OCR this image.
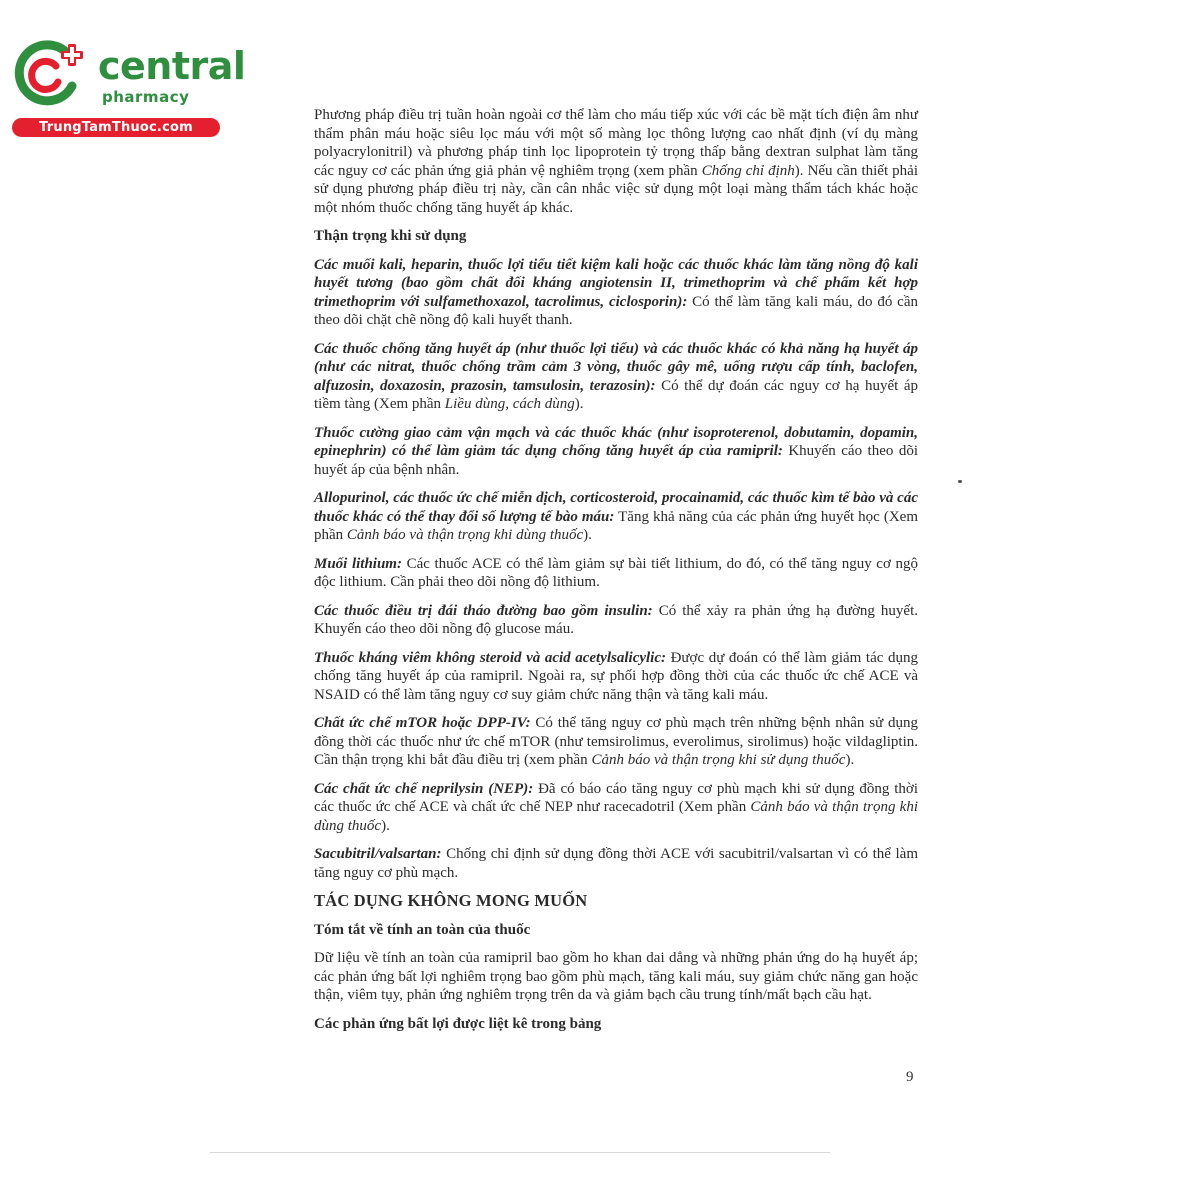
central
pharmacy
TrungTamThuoc.com

Phương pháp điều trị tuần hoàn ngoài cơ thể làm cho máu tiếp xúc với các bề mặt tích điện âm như thẩm phân máu hoặc siêu lọc máu với một số màng lọc thông lượng cao nhất định (ví dụ màng polyacrylonitril) và phương pháp tinh lọc lipoprotein tỷ trọng thấp bằng dextran sulphat làm tăng các nguy cơ các phản ứng giả phản vệ nghiêm trọng (xem phần Chống chỉ định). Nếu cần thiết phải sử dụng phương pháp điều trị này, cần cân nhắc việc sử dụng một loại màng thẩm tách khác hoặc một nhóm thuốc chống tăng huyết áp khác.

Thận trọng khi sử dụng

Các muối kali, heparin, thuốc lợi tiểu tiết kiệm kali hoặc các thuốc khác làm tăng nồng độ kali huyết tương (bao gồm chất đối kháng angiotensin II, trimethoprim và chế phẩm kết hợp trimethoprim với sulfamethoxazol, tacrolimus, ciclosporin): Có thể làm tăng kali máu, do đó cần theo dõi chặt chẽ nồng độ kali huyết thanh.

Các thuốc chống tăng huyết áp (như thuốc lợi tiểu) và các thuốc khác có khả năng hạ huyết áp (như các nitrat, thuốc chống trầm cảm 3 vòng, thuốc gây mê, uống rượu cấp tính, baclofen, alfuzosin, doxazosin, prazosin, tamsulosin, terazosin): Có thể dự đoán các nguy cơ hạ huyết áp tiềm tàng (Xem phần Liều dùng, cách dùng).

Thuốc cường giao cảm vận mạch và các thuốc khác (như isoproterenol, dobutamin, dopamin, epinephrin) có thể làm giảm tác dụng chống tăng huyết áp của ramipril: Khuyến cáo theo dõi huyết áp của bệnh nhân.

Allopurinol, các thuốc ức chế miễn dịch, corticosteroid, procainamid, các thuốc kìm tế bào và các thuốc khác có thể thay đổi số lượng tế bào máu: Tăng khả năng của các phản ứng huyết học (Xem phần Cảnh báo và thận trọng khi dùng thuốc).

Muối lithium: Các thuốc ACE có thể làm giảm sự bài tiết lithium, do đó, có thể tăng nguy cơ ngộ độc lithium. Cần phải theo dõi nồng độ lithium.

Các thuốc điều trị đái tháo đường bao gồm insulin: Có thể xảy ra phản ứng hạ đường huyết. Khuyến cáo theo dõi nồng độ glucose máu.

Thuốc kháng viêm không steroid và acid acetylsalicylic: Được dự đoán có thể làm giảm tác dụng chống tăng huyết áp của ramipril. Ngoài ra, sự phối hợp đồng thời của các thuốc ức chế ACE và NSAID có thể làm tăng nguy cơ suy giảm chức năng thận và tăng kali máu.

Chất ức chế mTOR hoặc DPP-IV: Có thể tăng nguy cơ phù mạch trên những bệnh nhân sử dụng đồng thời các thuốc như ức chế mTOR (như temsirolimus, everolimus, sirolimus) hoặc vildagliptin. Cần thận trọng khi bắt đầu điều trị (xem phần Cảnh báo và thận trọng khi sử dụng thuốc).

Các chất ức chế neprilysin (NEP): Đã có báo cáo tăng nguy cơ phù mạch khi sử dụng đồng thời các thuốc ức chế ACE và chất ức chế NEP như racecadotril (Xem phần Cảnh báo và thận trọng khi dùng thuốc).

Sacubitril/valsartan: Chống chỉ định sử dụng đồng thời ACE với sacubitril/valsartan vì có thể làm tăng nguy cơ phù mạch.

TÁC DỤNG KHÔNG MONG MUỐN
Tóm tắt về tính an toàn của thuốc

Dữ liệu về tính an toàn của ramipril bao gồm ho khan dai dẳng và những phản ứng do hạ huyết áp; các phản ứng bất lợi nghiêm trọng bao gồm phù mạch, tăng kali máu, suy giảm chức năng gan hoặc thận, viêm tụy, phản ứng nghiêm trọng trên da và giảm bạch cầu trung tính/mất bạch cầu hạt.

Các phản ứng bất lợi được liệt kê trong bảng
9
